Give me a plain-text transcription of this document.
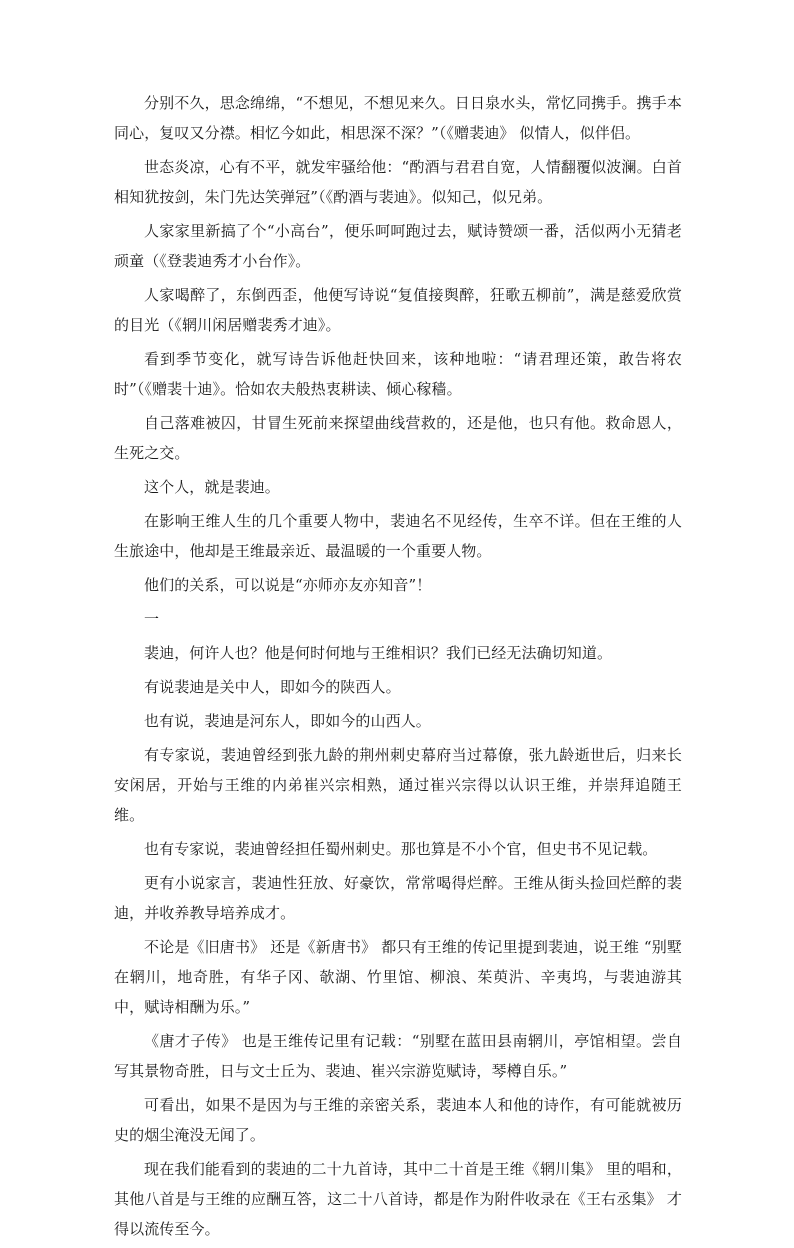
分别不久，思念绵绵，“不想见，不想见来久。日日泉水头，常忆同携手。携手本同心，复叹又分襟。相忆今如此，相思深不深？”（《赠裴迪》 似情人，似伴侣。

世态炎凉，心有不平，就发牢骚给他：“酌酒与君君自宽，人情翻覆似波澜。白首相知犹按剑，朱门先达笑弹冠”（《酌酒与裴迪》。似知己，似兄弟。

人家家里新搞了个“小高台”，便乐呵呵跑过去，赋诗赞颂一番，活似两小无猜老顽童（《登裴迪秀才小台作》。

人家喝醉了，东倒西歪，他便写诗说“复值接舆醉，狂歌五柳前”，满是慈爱欣赏的目光（《辋川闲居赠裴秀才迪》。

看到季节变化，就写诗告诉他赶快回来，该种地啦：“请君理还策，敢告将农时”（《赠裴十迪》。恰如农夫般热衷耕读、倾心稼穑。

自己落难被囚，甘冒生死前来探望曲线营救的，还是他，也只有他。救命恩人，生死之交。

这个人，就是裴迪。

在影响王维人生的几个重要人物中，裴迪名不见经传，生卒不详。但在王维的人生旅途中，他却是王维最亲近、最温暖的一个重要人物。

他们的关系，可以说是“亦师亦友亦知音”！

一

裴迪，何许人也？他是何时何地与王维相识？我们已经无法确切知道。

有说裴迪是关中人，即如今的陕西人。

也有说，裴迪是河东人，即如今的山西人。

有专家说，裴迪曾经到张九龄的荆州刺史幕府当过幕僚，张九龄逝世后，归来长安闲居，开始与王维的内弟崔兴宗相熟，通过崔兴宗得以认识王维，并崇拜追随王维。

也有专家说，裴迪曾经担任蜀州刺史。那也算是不小个官，但史书不见记载。

更有小说家言，裴迪性狂放、好豪饮，常常喝得烂醉。王维从街头捡回烂醉的裴迪，并收养教导培养成才。

不论是《旧唐书》 还是《新唐书》 都只有王维的传记里提到裴迪，说王维 “别墅在辋川，地奇胜，有华子冈、欹湖、竹里馆、柳浪、茱萸沜、辛夷坞，与裴迪游其中，赋诗相酬为乐。”

《唐才子传》 也是王维传记里有记载：“别墅在蓝田县南辋川，亭馆相望。尝自写其景物奇胜，日与文士丘为、裴迪、崔兴宗游览赋诗，琴樽自乐。”

可看出，如果不是因为与王维的亲密关系，裴迪本人和他的诗作，有可能就被历史的烟尘淹没无闻了。

现在我们能看到的裴迪的二十九首诗，其中二十首是王维《辋川集》 里的唱和，其他八首是与王维的应酬互答，这二十八首诗，都是作为附件收录在《王右丞集》 才得以流传至今。
